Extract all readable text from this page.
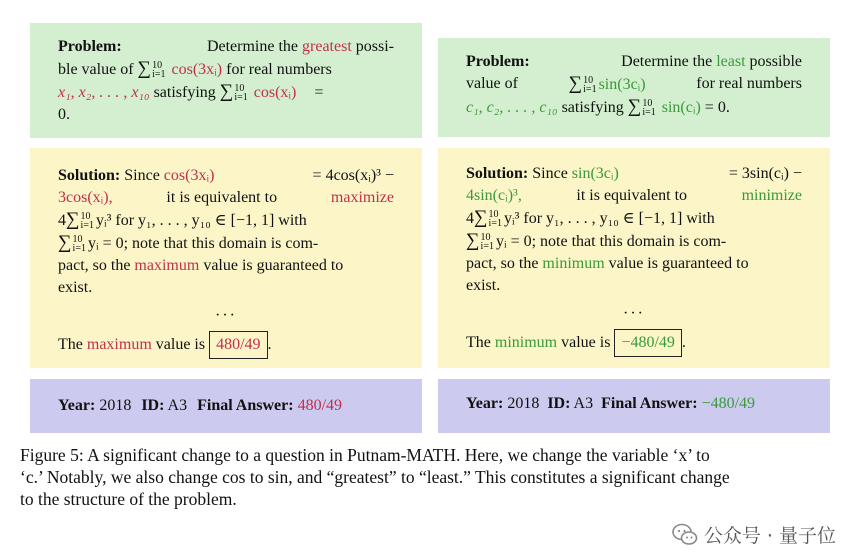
Problem:	Determine the greatest possi-
ble value of ∑10
i=1 cos(3xᵢ) for real numbers
x₁, x₂, . . . , x₁₀ satisfying ∑10
i=1 cos(xᵢ) =
0.
Solution: Since cos(3xᵢ)	= 4cos(xᵢ)³ −
3cos(xᵢ),	it is equivalent to	maximize
4∑10
i=1 yᵢ³ for y₁, . . . , y₁₀ ∈ [−1, 1] with
∑10
i=1 yᵢ = 0; note that this domain is com-
pact, so the maximum value is guaranteed to
exist.
···
The maximum value is 480/49 .
Year: 2018 ID: A3 Final Answer: 480/49
Problem:	Determine the least possible
value of	∑10
i=1 sin(3cᵢ)	for real numbers
c₁, c₂, . . . , c₁₀ satisfying ∑10
i=1 sin(cᵢ) = 0.
Solution: Since sin(3cᵢ)	= 3sin(cᵢ) −
4sin(cᵢ)³,	it is equivalent to	minimize
4∑10
i=1 yᵢ³ for y₁, . . . , y₁₀ ∈ [−1, 1] with
∑10
i=1 yᵢ = 0; note that this domain is com-
pact, so the minimum value is guaranteed to
exist.
···
The minimum value is −480/49 .
Year: 2018 ID: A3 Final Answer: −480/49
Figure 5: A significant change to a question in Putnam-MATH. Here, we change the variable ‘x’ to
‘c.’ Notably, we also change cos to sin, and “greatest” to “least.” This constitutes a significant change
to the structure of the problem.
公众号 · 量子位
